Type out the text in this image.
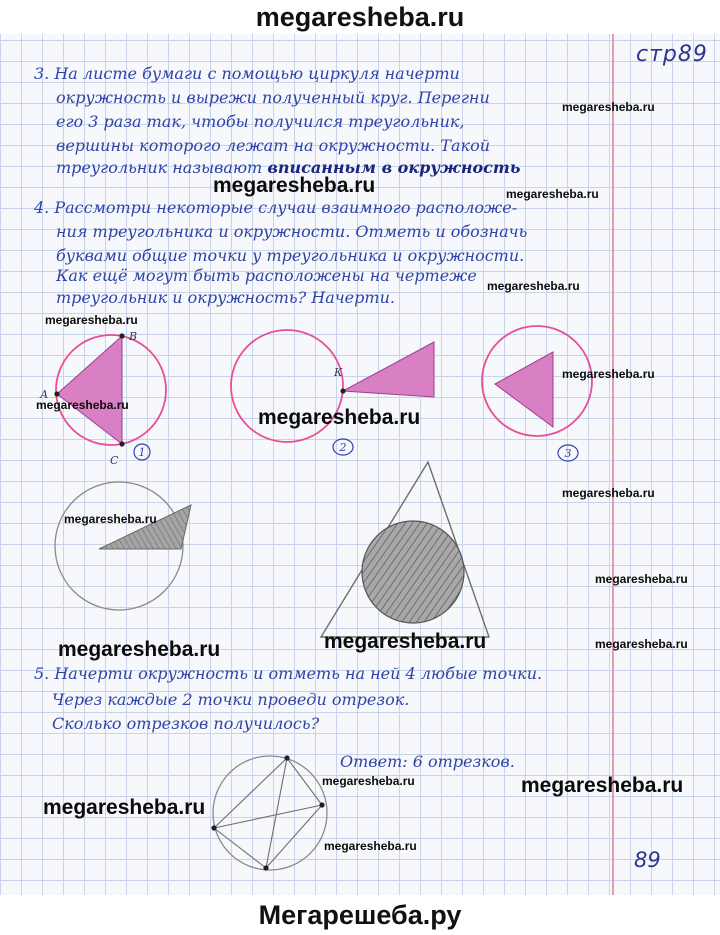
megaresheba.ru
стр89

3. На листе бумаги с помощью циркуля начерти

окружность и вырежи полученный круг. Перегни

его 3 раза так, чтобы получился треугольник,

вершины которого лежат на окружности. Такой

треугольник называют вписанным в окружность

4. Рассмотри некоторые случаи взаимного расположе-

ния треугольника и окружности. Отметь и обозначь

буквами общие точки у треугольника и окружности.

Как ещё могут быть расположены на чертеже

треугольник и окружность? Начерти.

5. Начерти окружность и отметь на ней 4 любые точки.

Через каждые 2 точки проведи отрезок.

Сколько отрезков получилось?

Ответ: 6 отрезков.

89
В
А
С
1
К
2	3
megaresheba.ru
megaresheba.ru	megaresheba.ru
megaresheba.ru
megaresheba.ru
megaresheba.ru
megaresheba.ru
megaresheba.ru
megaresheba.ru
megaresheba.ru
megaresheba.ru
megaresheba.ru	megaresheba.ru	megaresheba.ru
megaresheba.ru	megaresheba.ru
megaresheba.ru
megaresheba.ru
Мегарешеба.ру
